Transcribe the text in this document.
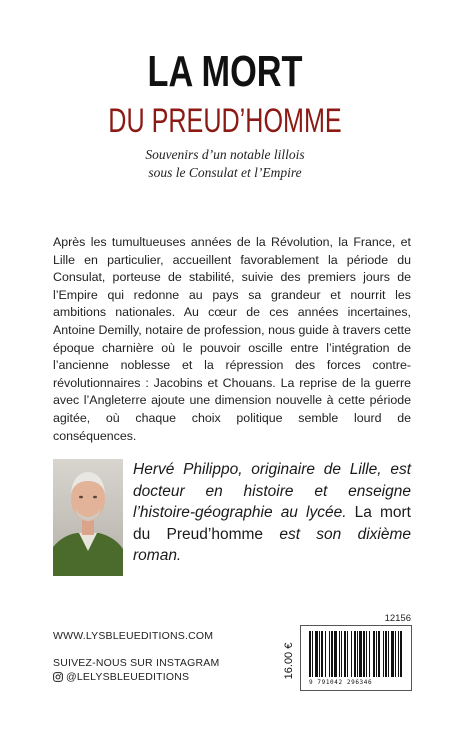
LA MORT
DU PREUD’HOMME
Souvenirs d’un notable lillois
sous le Consulat et l’Empire
Après les tumultueuses années de la Révolution, la France, et Lille en particulier, accueillent favorablement la période du Consulat, porteuse de stabilité, suivie des premiers jours de l’Empire qui redonne au pays sa grandeur et nourrit les ambitions nationales. Au cœur de ces années incertaines, Antoine Demilly, notaire de profession, nous guide à travers cette époque charnière où le pouvoir oscille entre l’intégration de l’ancienne noblesse et la répression des forces contre-révolutionnaires : Jacobins et Chouans. La reprise de la guerre avec l’Angleterre ajoute une dimension nouvelle à cette période agitée, où chaque choix politique semble lourd de conséquences.
Hervé Philippo, originaire de Lille, est docteur en histoire et enseigne l’histoire-géographie au lycée. La mort du Preud’homme est son dixième roman.
WWW.LYSBLEUEDITIONS.COM
SUIVEZ-NOUS SUR INSTAGRAM
@LELYSBLEUEDITIONS
12156
16.00 €
9 791042 296346
